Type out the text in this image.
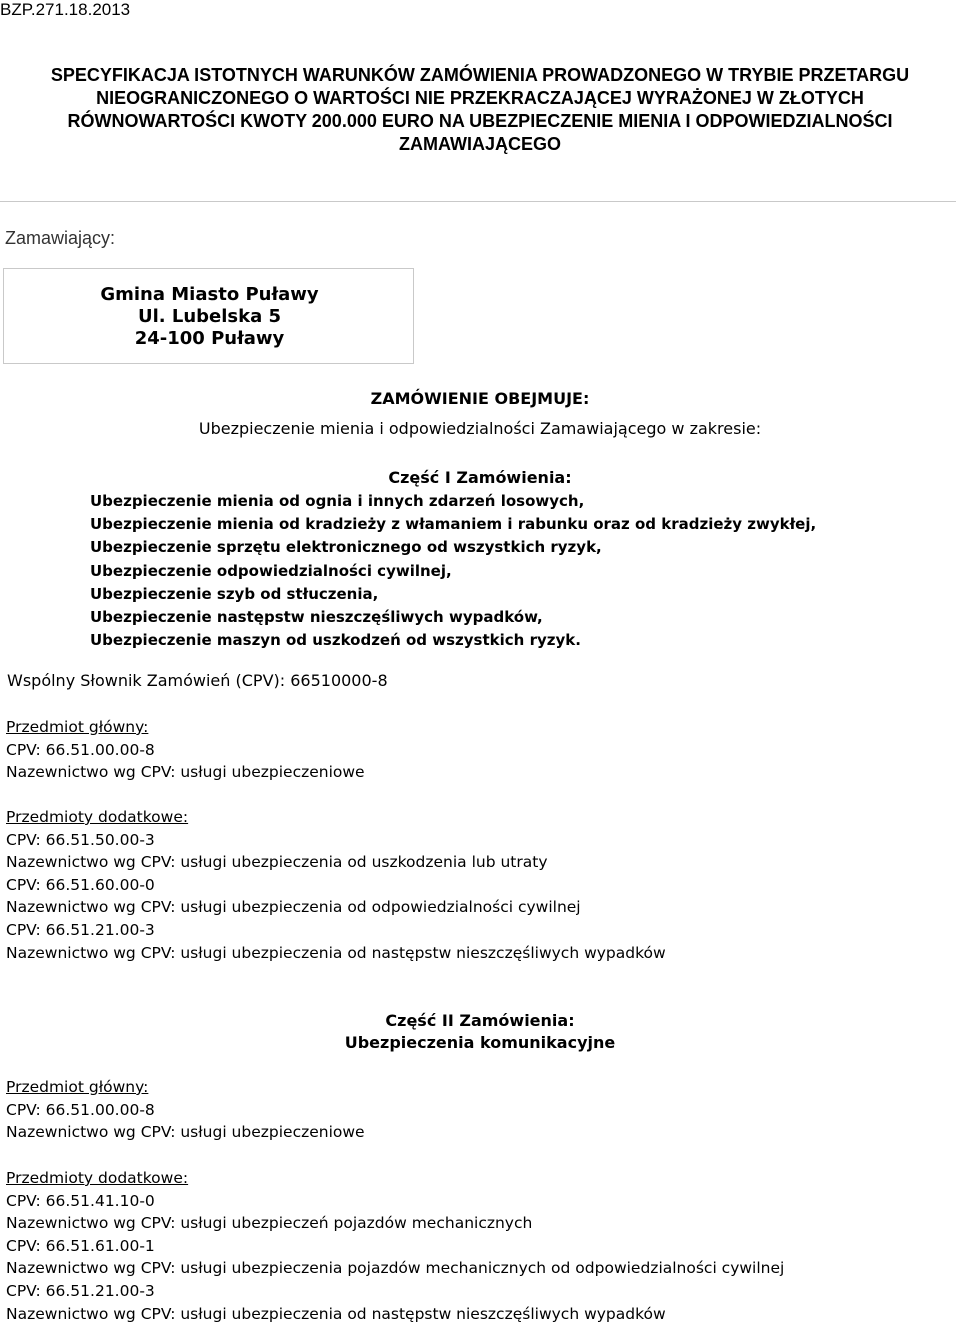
BZP.271.18.2013
SPECYFIKACJA ISTOTNYCH WARUNKÓW ZAMÓWIENIA PROWADZONEGO W TRYBIE PRZETARGU
NIEOGRANICZONEGO O WARTOŚCI NIE PRZEKRACZAJĄCEJ WYRAŻONEJ W ZŁOTYCH
RÓWNOWARTOŚCI KWOTY 200.000 EURO NA UBEZPIECZENIE MIENIA I ODPOWIEDZIALNOŚCI
ZAMAWIAJĄCEGO
Zamawiający:
Gmina Miasto Puławy
Ul. Lubelska 5
24-100 Puławy
ZAMÓWIENIE OBEJMUJE:
Ubezpieczenie mienia i odpowiedzialności Zamawiającego w zakresie:
Część I Zamówienia:
Ubezpieczenie mienia od ognia i innych zdarzeń losowych,
Ubezpieczenie mienia od kradzieży z włamaniem i rabunku oraz od kradzieży zwykłej,
Ubezpieczenie sprzętu elektronicznego od wszystkich ryzyk,
Ubezpieczenie odpowiedzialności cywilnej,
Ubezpieczenie szyb od stłuczenia,
Ubezpieczenie następstw nieszczęśliwych wypadków,
Ubezpieczenie maszyn od uszkodzeń od wszystkich ryzyk.
Wspólny Słownik Zamówień (CPV): 66510000-8
Przedmiot główny:
CPV: 66.51.00.00-8
Nazewnictwo wg CPV: usługi ubezpieczeniowe
Przedmioty dodatkowe:
CPV: 66.51.50.00-3
Nazewnictwo wg CPV: usługi ubezpieczenia od uszkodzenia lub utraty
CPV: 66.51.60.00-0
Nazewnictwo wg CPV: usługi ubezpieczenia od odpowiedzialności cywilnej
CPV: 66.51.21.00-3
Nazewnictwo wg CPV: usługi ubezpieczenia od następstw nieszczęśliwych wypadków
Część II Zamówienia:
Ubezpieczenia komunikacyjne
Przedmiot główny:
CPV: 66.51.00.00-8
Nazewnictwo wg CPV: usługi ubezpieczeniowe
Przedmioty dodatkowe:
CPV: 66.51.41.10-0
Nazewnictwo wg CPV: usługi ubezpieczeń pojazdów mechanicznych
CPV: 66.51.61.00-1
Nazewnictwo wg CPV: usługi ubezpieczenia pojazdów mechanicznych od odpowiedzialności cywilnej
CPV: 66.51.21.00-3
Nazewnictwo wg CPV: usługi ubezpieczenia od następstw nieszczęśliwych wypadków
